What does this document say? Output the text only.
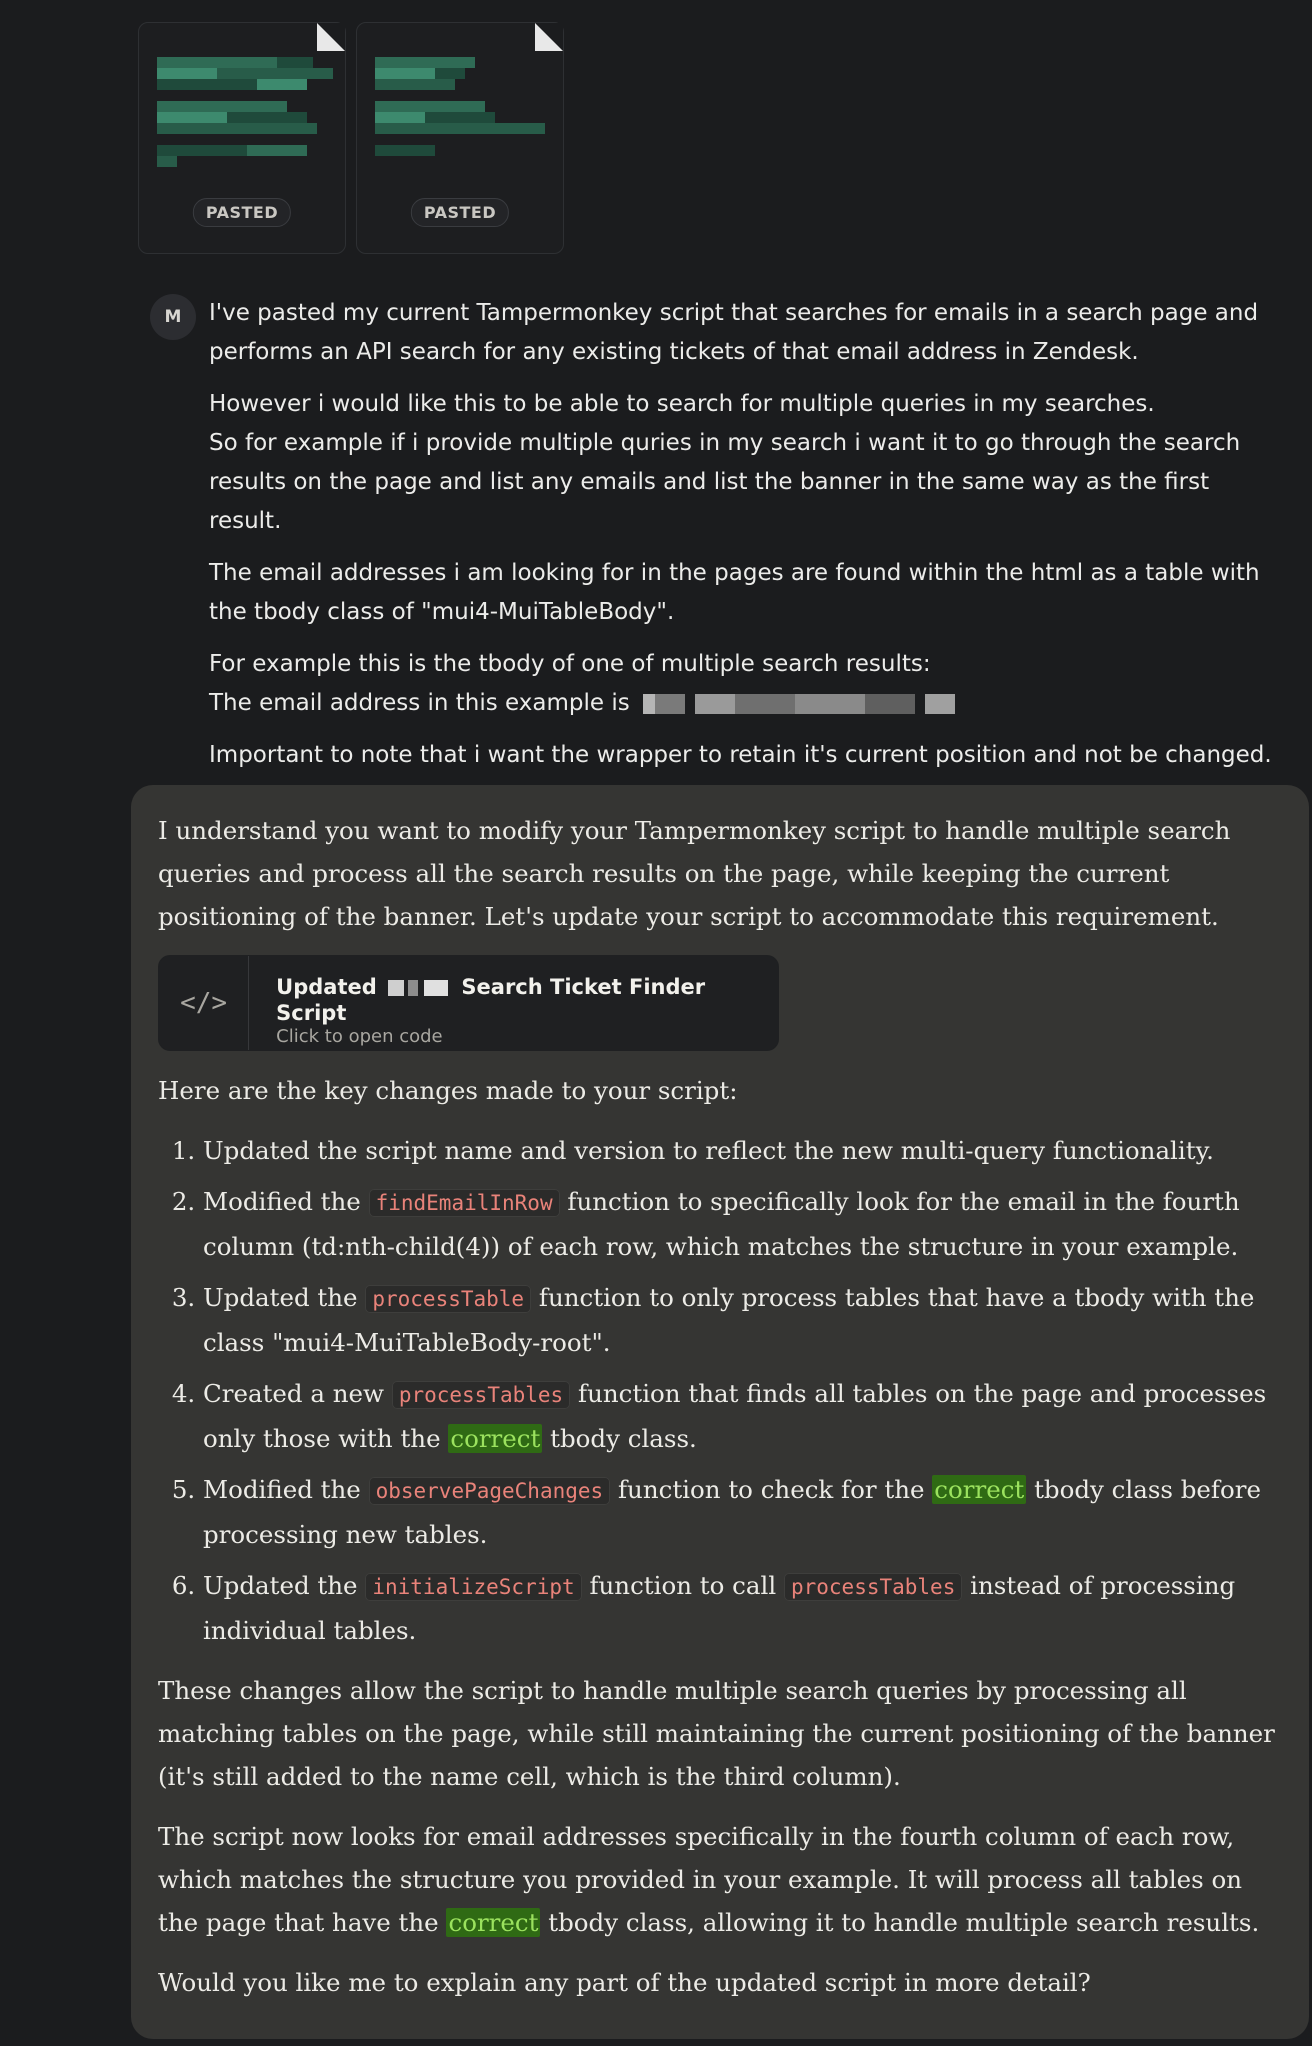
PASTED	PASTED
M	I've pasted my current Tampermonkey script that searches for emails in a search page and performs an API search for any existing tickets of that email address in Zendesk.

However i would like this to be able to search for multiple queries in my searches.

So for example if i provide multiple quries in my search i want it to go through the search results on the page and list any emails and list the banner in the same way as the first result.

The email addresses i am looking for in the pages are found within the html as a table with the tbody class of "mui4-MuiTableBody".

For example this is the tbody of one of multiple search results:

The email address in this example is

Important to note that i want the wrapper to retain it's current position and not be changed.

I understand you want to modify your Tampermonkey script to handle multiple search queries and process all the search results on the page, while keeping the current positioning of the banner. Let's update your script to accommodate this requirement.

</>
Updated	Search Ticket Finder Script
Click to open code

Here are the key changes made to your script:

1. Updated the script name and version to reflect the new multi-query functionality.
2. Modified the findEmailInRow function to specifically look for the email in the fourth column (td:nth-child(4)) of each row, which matches the structure in your example.
3. Updated the processTable function to only process tables that have a tbody with the class "mui4-MuiTableBody-root".
4. Created a new processTables function that finds all tables on the page and processes only those with the correct tbody class.
5. Modified the observePageChanges function to check for the correct tbody class before processing new tables.
6. Updated the initializeScript function to call processTables instead of processing individual tables.

These changes allow the script to handle multiple search queries by processing all matching tables on the page, while still maintaining the current positioning of the banner (it's still added to the name cell, which is the third column).

The script now looks for email addresses specifically in the fourth column of each row, which matches the structure you provided in your example. It will process all tables on the page that have the correct tbody class, allowing it to handle multiple search results.

Would you like me to explain any part of the updated script in more detail?
